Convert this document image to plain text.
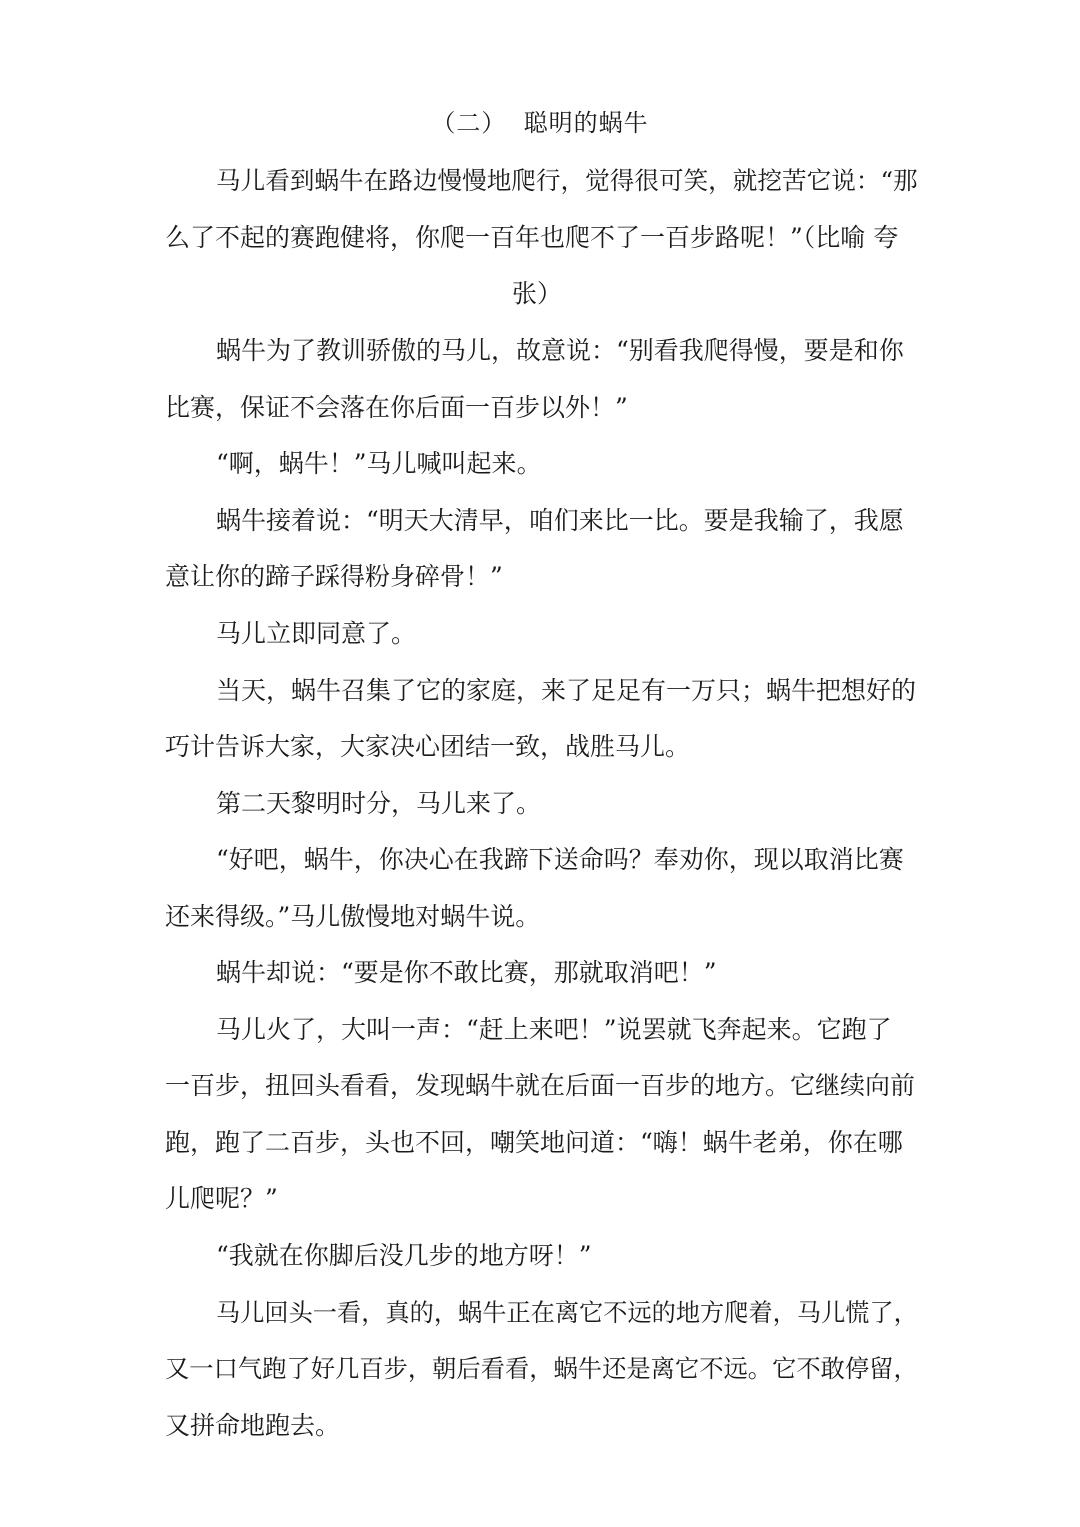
（二）  聪明的蜗牛
马儿看到蜗牛在路边慢慢地爬行，觉得很可笑，就挖苦它说：“那
么了不起的赛跑健将，你爬一百年也爬不了一百步路呢！”（比喻 夸
张）
蜗牛为了教训骄傲的马儿，故意说：“别看我爬得慢，要是和你
比赛，保证不会落在你后面一百步以外！”
“啊，蜗牛！”马儿喊叫起来。
蜗牛接着说：“明天大清早，咱们来比一比。要是我输了，我愿
意让你的蹄子踩得粉身碎骨！”
马儿立即同意了。
当天，蜗牛召集了它的家庭，来了足足有一万只；蜗牛把想好的
巧计告诉大家，大家决心团结一致，战胜马儿。
第二天黎明时分，马儿来了。
“好吧，蜗牛，你决心在我蹄下送命吗？奉劝你，现以取消比赛
还来得级。”马儿傲慢地对蜗牛说。
蜗牛却说：“要是你不敢比赛，那就取消吧！”
马儿火了，大叫一声：“赶上来吧！”说罢就飞奔起来。它跑了
一百步，扭回头看看，发现蜗牛就在后面一百步的地方。它继续向前
跑，跑了二百步，头也不回，嘲笑地问道：“嗨！蜗牛老弟，你在哪
儿爬呢？”
“我就在你脚后没几步的地方呀！”
马儿回头一看，真的，蜗牛正在离它不远的地方爬着，马儿慌了，
又一口气跑了好几百步，朝后看看，蜗牛还是离它不远。它不敢停留，
又拼命地跑去。
